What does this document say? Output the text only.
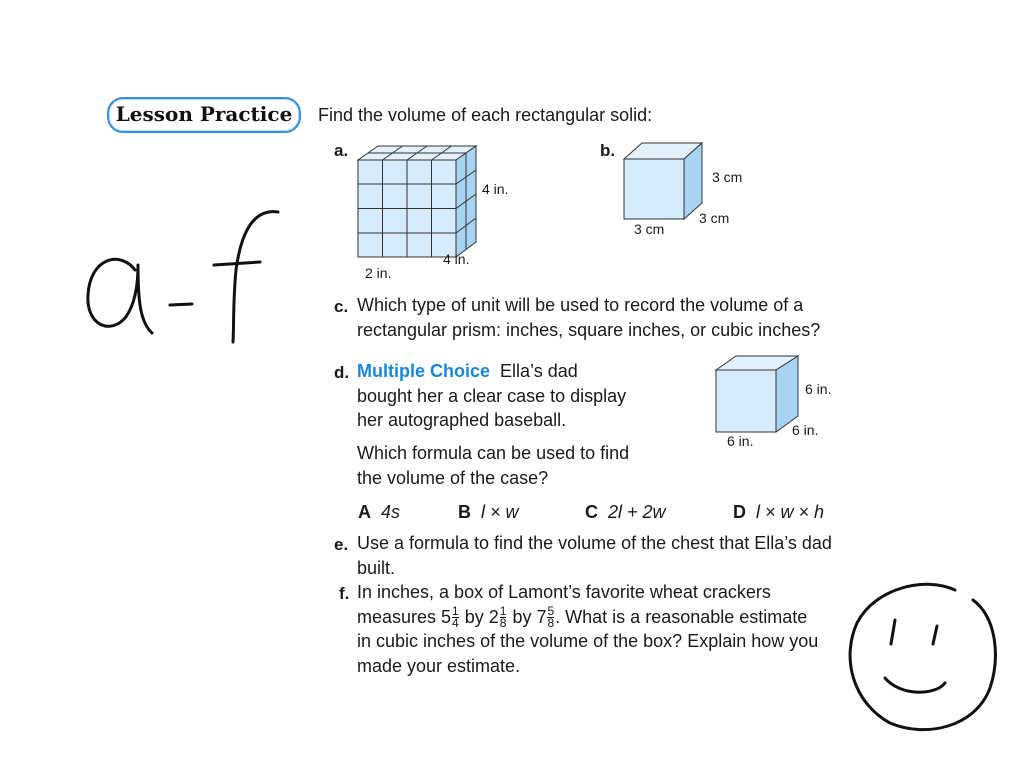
Lesson Practice	Find the volume of each rectangular solid:
a.
4 in.
4 in.
2 in.
b.
3 cm
3 cm
3 cm
c. Which type of unit will be used to record the volume of a
rectangular prism: inches, square inches, or cubic inches?
d. Multiple Choice Ella’s dad
bought her a clear case to display
her autographed baseball.
Which formula can be used to find
the volume of the case?
6 in.
6 in.
6 in.
A 4s	B l × w	C 2l + 2w	D l × w × h
e. Use a formula to find the volume of the chest that Ella’s dad
built.
f. In inches, a box of Lamont’s favorite wheat crackers
measures $5 \frac{1}{4}$ by $2 \frac{1}{8}$ by $7 \frac{5}{8}$ . What is a reasonable estimate
in cubic inches of the volume of the box? Explain how you
made your estimate.
